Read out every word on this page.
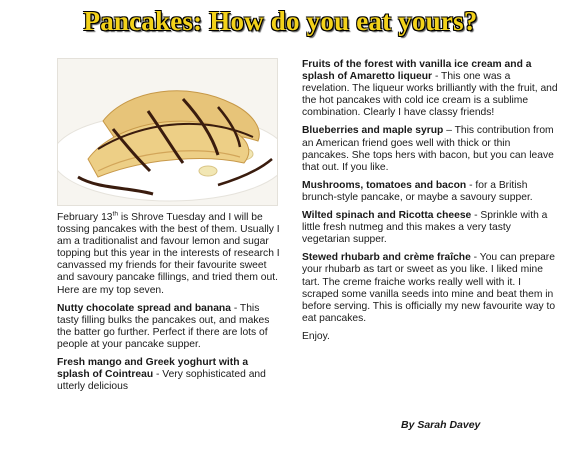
Pancakes: How do you eat yours?

February 13th is Shrove Tuesday and I will be tossing pancakes with the best of them. Usually I am a traditionalist and favour lemon and sugar topping but this year in the interests of research I canvassed my friends for their favourite sweet and savoury pancake fillings, and tried them out. Here are my top seven.

Nutty chocolate spread and banana - This tasty filling bulks the pancakes out, and makes the batter go further. Perfect if there are lots of people at your pancake supper.

Fresh mango and Greek yoghurt with a splash of Cointreau - Very sophisticated and utterly delicious

Fruits of the forest with vanilla ice cream and a splash of Amaretto liqueur - This one was a revelation. The liqueur works brilliantly with the fruit, and the hot pancakes with cold ice cream is a sublime combination. Clearly I have classy friends!

Blueberries and maple syrup – This contribution from an American friend goes well with thick or thin pancakes. She tops hers with bacon, but you can leave that out. If you like.

Mushrooms, tomatoes and bacon - for a British brunch-style pancake, or maybe a savoury supper.

Wilted spinach and Ricotta cheese - Sprinkle with a little fresh nutmeg and this makes a very tasty vegetarian supper.

Stewed rhubarb and crème fraîche - You can prepare your rhubarb as tart or sweet as you like. I liked mine tart. The creme fraiche works really well with it. I scraped some vanilla seeds into mine and beat them in before serving. This is officially my new favourite way to eat pancakes.

Enjoy.

By Sarah Davey
